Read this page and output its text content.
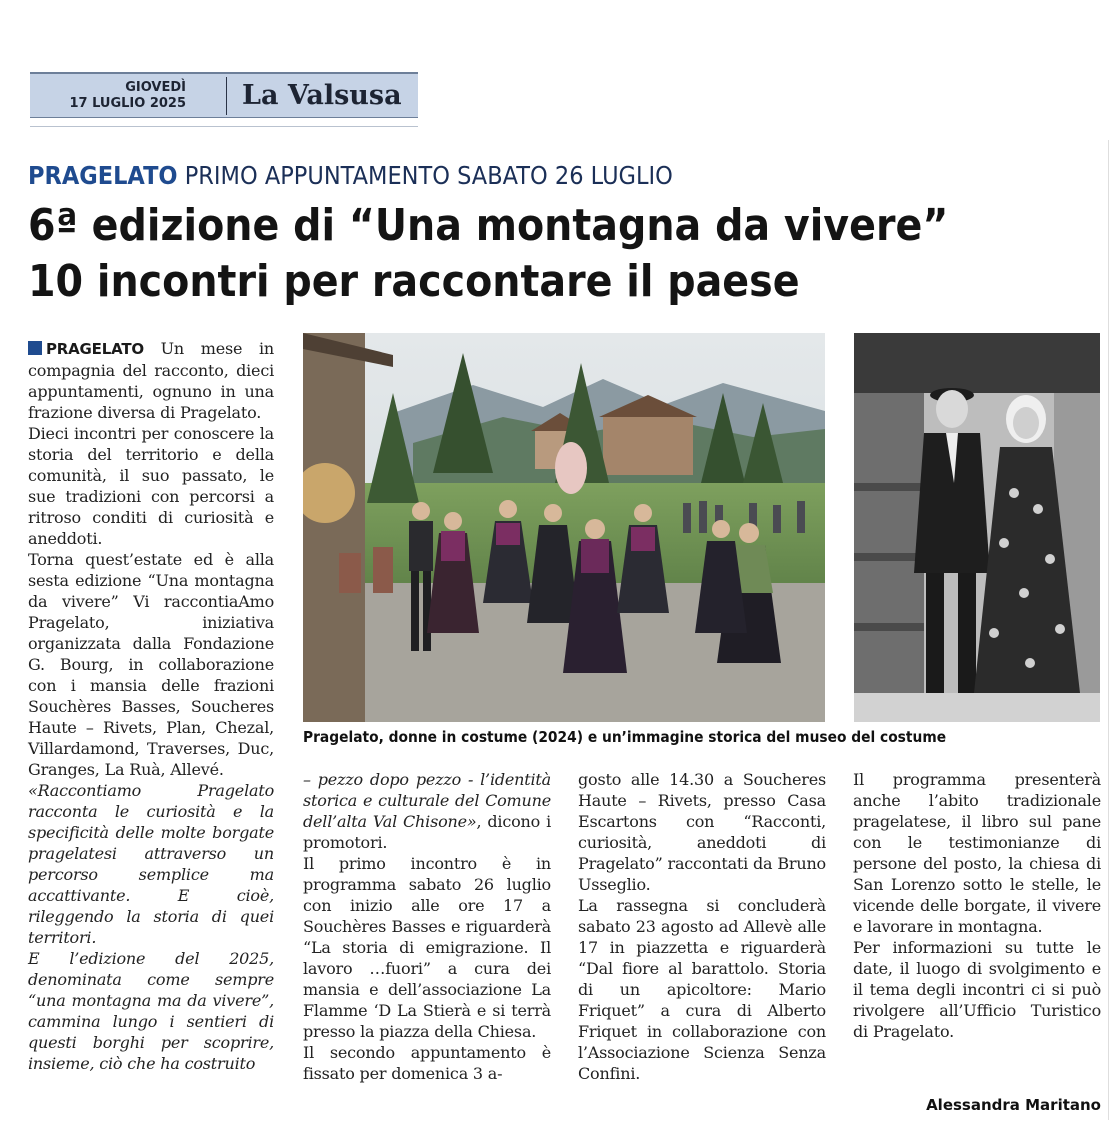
GIOVEDÌ
17 LUGLIO 2025 La Valsusa
PRAGELATO PRIMO APPUNTAMENTO SABATO 26 LUGLIO
6ª edizione di “Una montagna da vivere”
10 incontri per raccontare il paese
Pragelato, donne in costume (2024) e un’immagine storica del museo del costume

PRAGELATO Un mese in compagnia del racconto, dieci appuntamenti, ognuno in una frazione diversa di Pragelato.

Dieci incontri per conoscere la storia del territorio e della comunità, il suo passato, le sue tradizioni con percorsi a ritroso conditi di curiosità e aneddoti.

Torna quest’estate ed è alla sesta edizione “Una montagna da vivere” Vi raccontiaAmo Pragelato, iniziativa organizzata dalla Fondazione G. Bourg, in collaborazione con i mansia delle frazioni Souchères Basses, Soucheres Haute – Rivets, Plan, Chezal, Villardamond, Traverses, Duc, Granges, La Ruà, Allevé.

«Raccontiamo Pragelato racconta le curiosità e la specificità delle molte borgate pragelatesi attraverso un percorso semplice ma accattivante. E cioè, rileggendo la storia di quei territori.

E l’edizione del 2025, denominata come sempre “una montagna ma da vivere”, cammina lungo i sentieri di questi borghi per scoprire, insieme, ciò che ha costruito

– pezzo dopo pezzo - l’identità storica e culturale del Comune dell’alta Val Chisone», dicono i promotori.

Il primo incontro è in programma sabato 26 luglio con inizio alle ore 17 a Souchères Basses e riguarderà “La storia di emigrazione. Il lavoro …fuori” a cura dei mansia e dell’associazione La Flamme ‘D La Stierà e si terrà presso la piazza della Chiesa.

Il secondo appuntamento è fissato per domenica 3 a-

gosto alle 14.30 a Soucheres Haute – Rivets, presso Casa Escartons con “Racconti, curiosità, aneddoti di Pragelato” raccontati da Bruno Usseglio.

La rassegna si concluderà sabato 23 agosto ad Allevè alle 17 in piazzetta e riguarderà “Dal fiore al barattolo. Storia di un apicoltore: Mario Friquet” a cura di Alberto Friquet in collaborazione con l’Associazione Scienza Senza Confini.

Il programma presenterà anche l’abito tradizionale pragelatese, il libro sul pane con le testimonianze di persone del posto, la chiesa di San Lorenzo sotto le stelle, le vicende delle borgate, il vivere e lavorare in montagna.

Per informazioni su tutte le date, il luogo di svolgimento e il tema degli incontri ci si può rivolgere all’Ufficio Turistico di Pragelato.

Alessandra Maritano
